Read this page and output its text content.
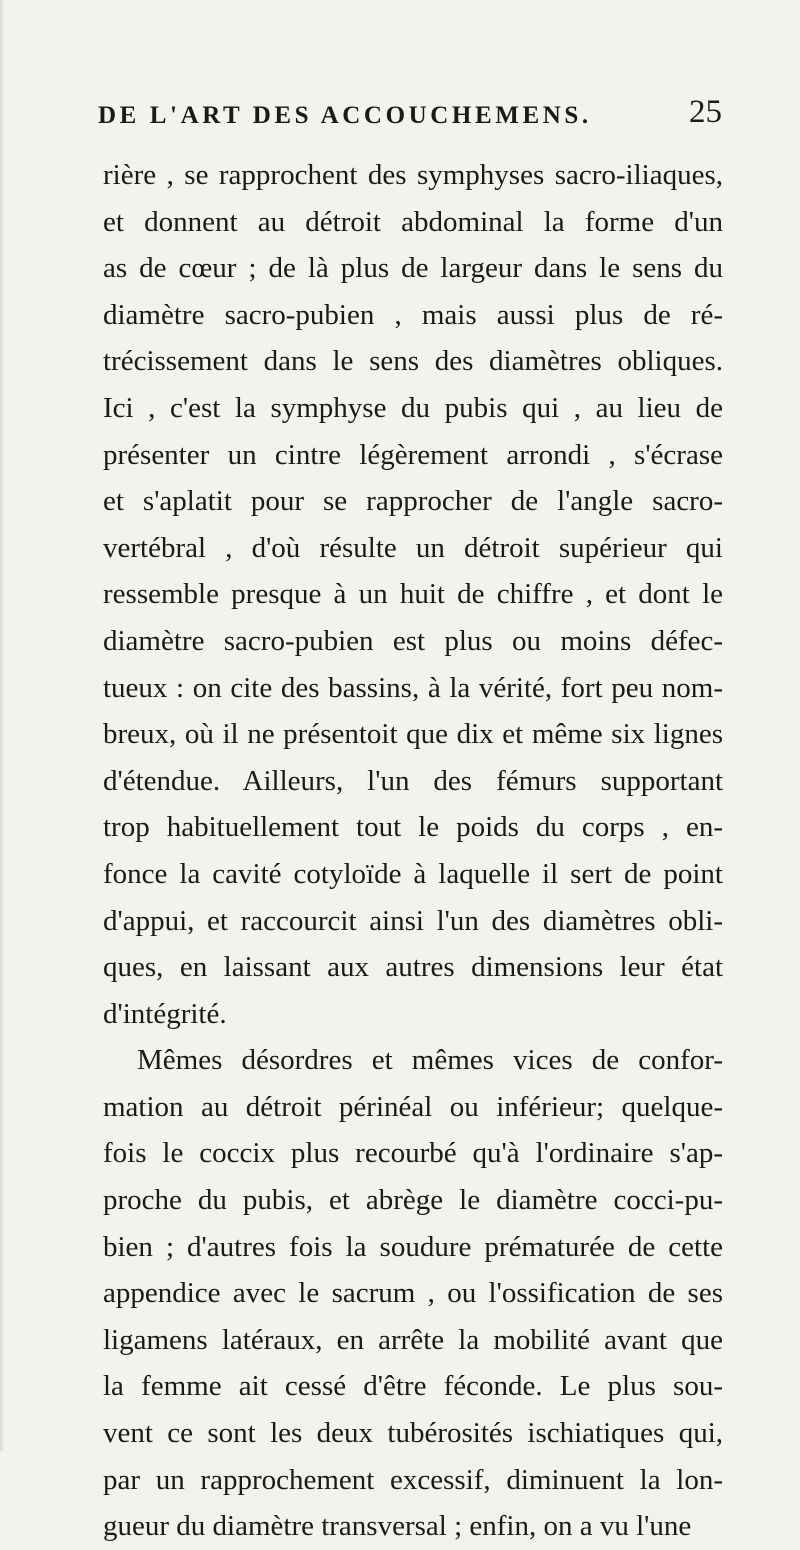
DE L'ART DES ACCOUCHEMENS.	25
rière , se rapprochent des symphyses sacro-iliaques,
et donnent au détroit abdominal la forme d'un
as de cœur ; de là plus de largeur dans le sens du
diamètre sacro-pubien , mais aussi plus de ré-
trécissement dans le sens des diamètres obliques.
Ici , c'est la symphyse du pubis qui , au lieu de
présenter un cintre légèrement arrondi , s'écrase
et s'aplatit pour se rapprocher de l'angle sacro-
vertébral , d'où résulte un détroit supérieur qui
ressemble presque à un huit de chiffre , et dont le
diamètre sacro-pubien est plus ou moins défec-
tueux : on cite des bassins, à la vérité, fort peu nom-
breux, où il ne présentoit que dix et même six lignes
d'étendue. Ailleurs, l'un des fémurs supportant
trop habituellement tout le poids du corps , en-
fonce la cavité cotyloïde à laquelle il sert de point
d'appui, et raccourcit ainsi l'un des diamètres obli-
ques, en laissant aux autres dimensions leur état
d'intégrité.
Mêmes désordres et mêmes vices de confor-
mation au détroit périnéal ou inférieur; quelque-
fois le coccix plus recourbé qu'à l'ordinaire s'ap-
proche du pubis, et abrège le diamètre cocci-pu-
bien ; d'autres fois la soudure prématurée de cette
appendice avec le sacrum , ou l'ossification de ses
ligamens latéraux, en arrête la mobilité avant que
la femme ait cessé d'être féconde. Le plus sou-
vent ce sont les deux tubérosités ischiatiques qui,
par un rapprochement excessif, diminuent la lon-
gueur du diamètre transversal ; enfin, on a vu l'une
